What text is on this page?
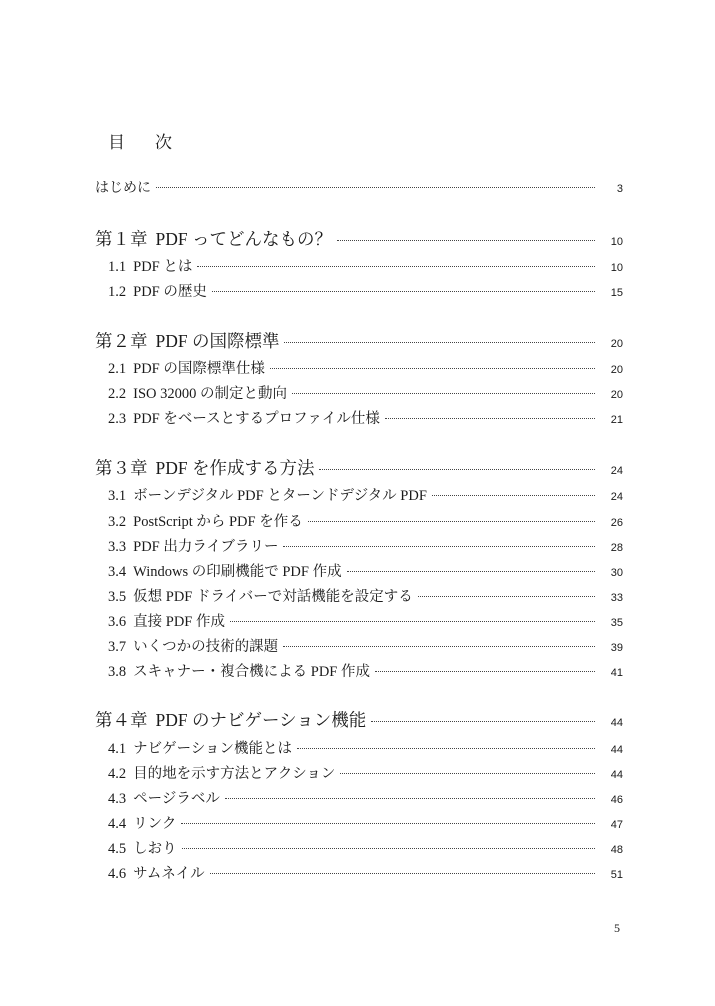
目 次
はじめに	3
第１章 PDF ってどんなもの？	10
1.1 PDF とは	10
1.2 PDF の歴史	15
第２章 PDF の国際標準	20
2.1 PDF の国際標準仕様	20
2.2 ISO 32000 の制定と動向	20
2.3 PDF をベースとするプロファイル仕様	21
第３章 PDF を作成する方法	24
3.1 ボーンデジタル PDF とターンドデジタル PDF	24
3.2 PostScript から PDF を作る	26
3.3 PDF 出力ライブラリー	28
3.4 Windows の印刷機能で PDF 作成	30
3.5 仮想 PDF ドライバーで対話機能を設定する	33
3.6 直接 PDF 作成	35
3.7 いくつかの技術的課題	39
3.8 スキャナー・複合機による PDF 作成	41
第４章 PDF のナビゲーション機能	44
4.1 ナビゲーション機能とは	44
4.2 目的地を示す方法とアクション	44
4.3 ページラベル	46
4.4 リンク	47
4.5 しおり	48
4.6 サムネイル	51
5
